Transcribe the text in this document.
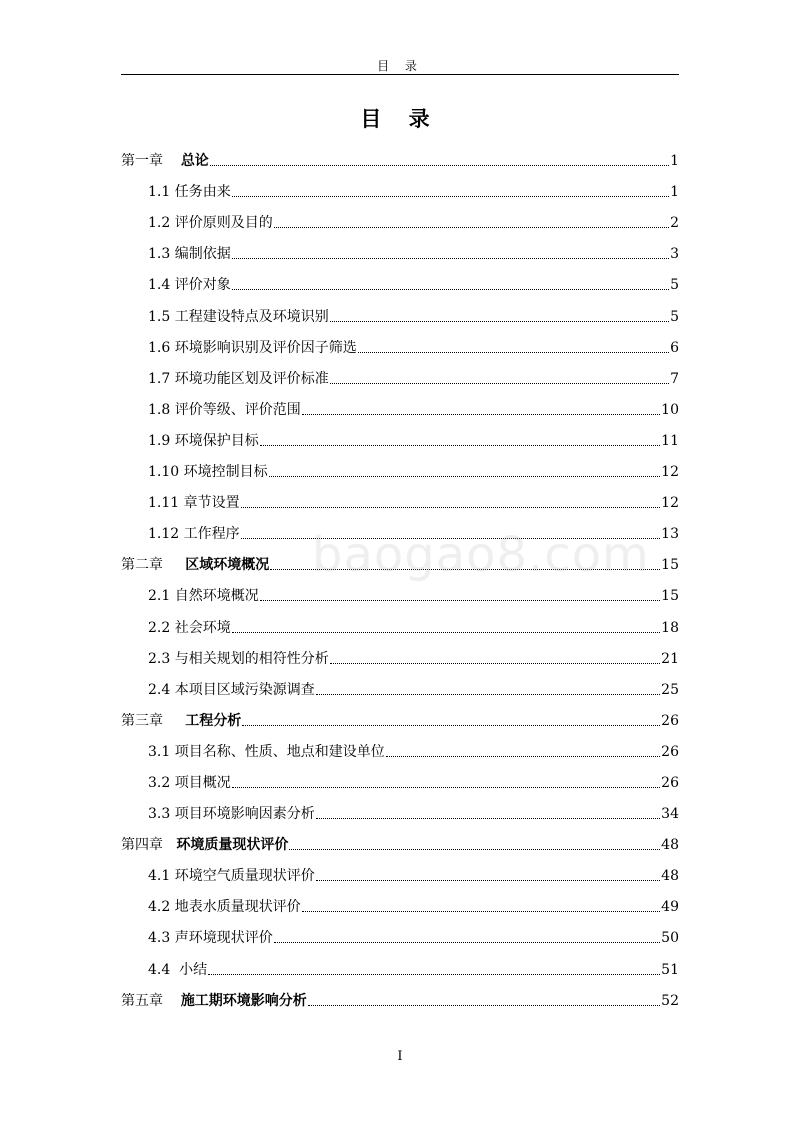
目 录
目 录
第一章 总论	1
1.1 任务由来	1
1.2 评价原则及目的	2
1.3 编制依据	3
1.4 评价对象	5
1.5 工程建设特点及环境识别	5
1.6 环境影响识别及评价因子筛选	6
1.7 环境功能区划及评价标准	7
1.8 评价等级、评价范围	10
1.9 环境保护目标	11
1.10 环境控制目标	12
1.11 章节设置	12
1.12 工作程序	13
第二章 区域环境概况	15
2.1 自然环境概况	15
2.2 社会环境	18
2.3 与相关规划的相符性分析	21
2.4 本项目区域污染源调查	25
第三章 工程分析	26
3.1 项目名称、性质、地点和建设单位	26
3.2 项目概况	26
3.3 项目环境影响因素分析	34
第四章 环境质量现状评价	48
4.1 环境空气质量现状评价	48
4.2 地表水质量现状评价	49
4.3 声环境现状评价	50
4.4 小结	51
第五章 施工期环境影响分析	52
baogao8.com
I
